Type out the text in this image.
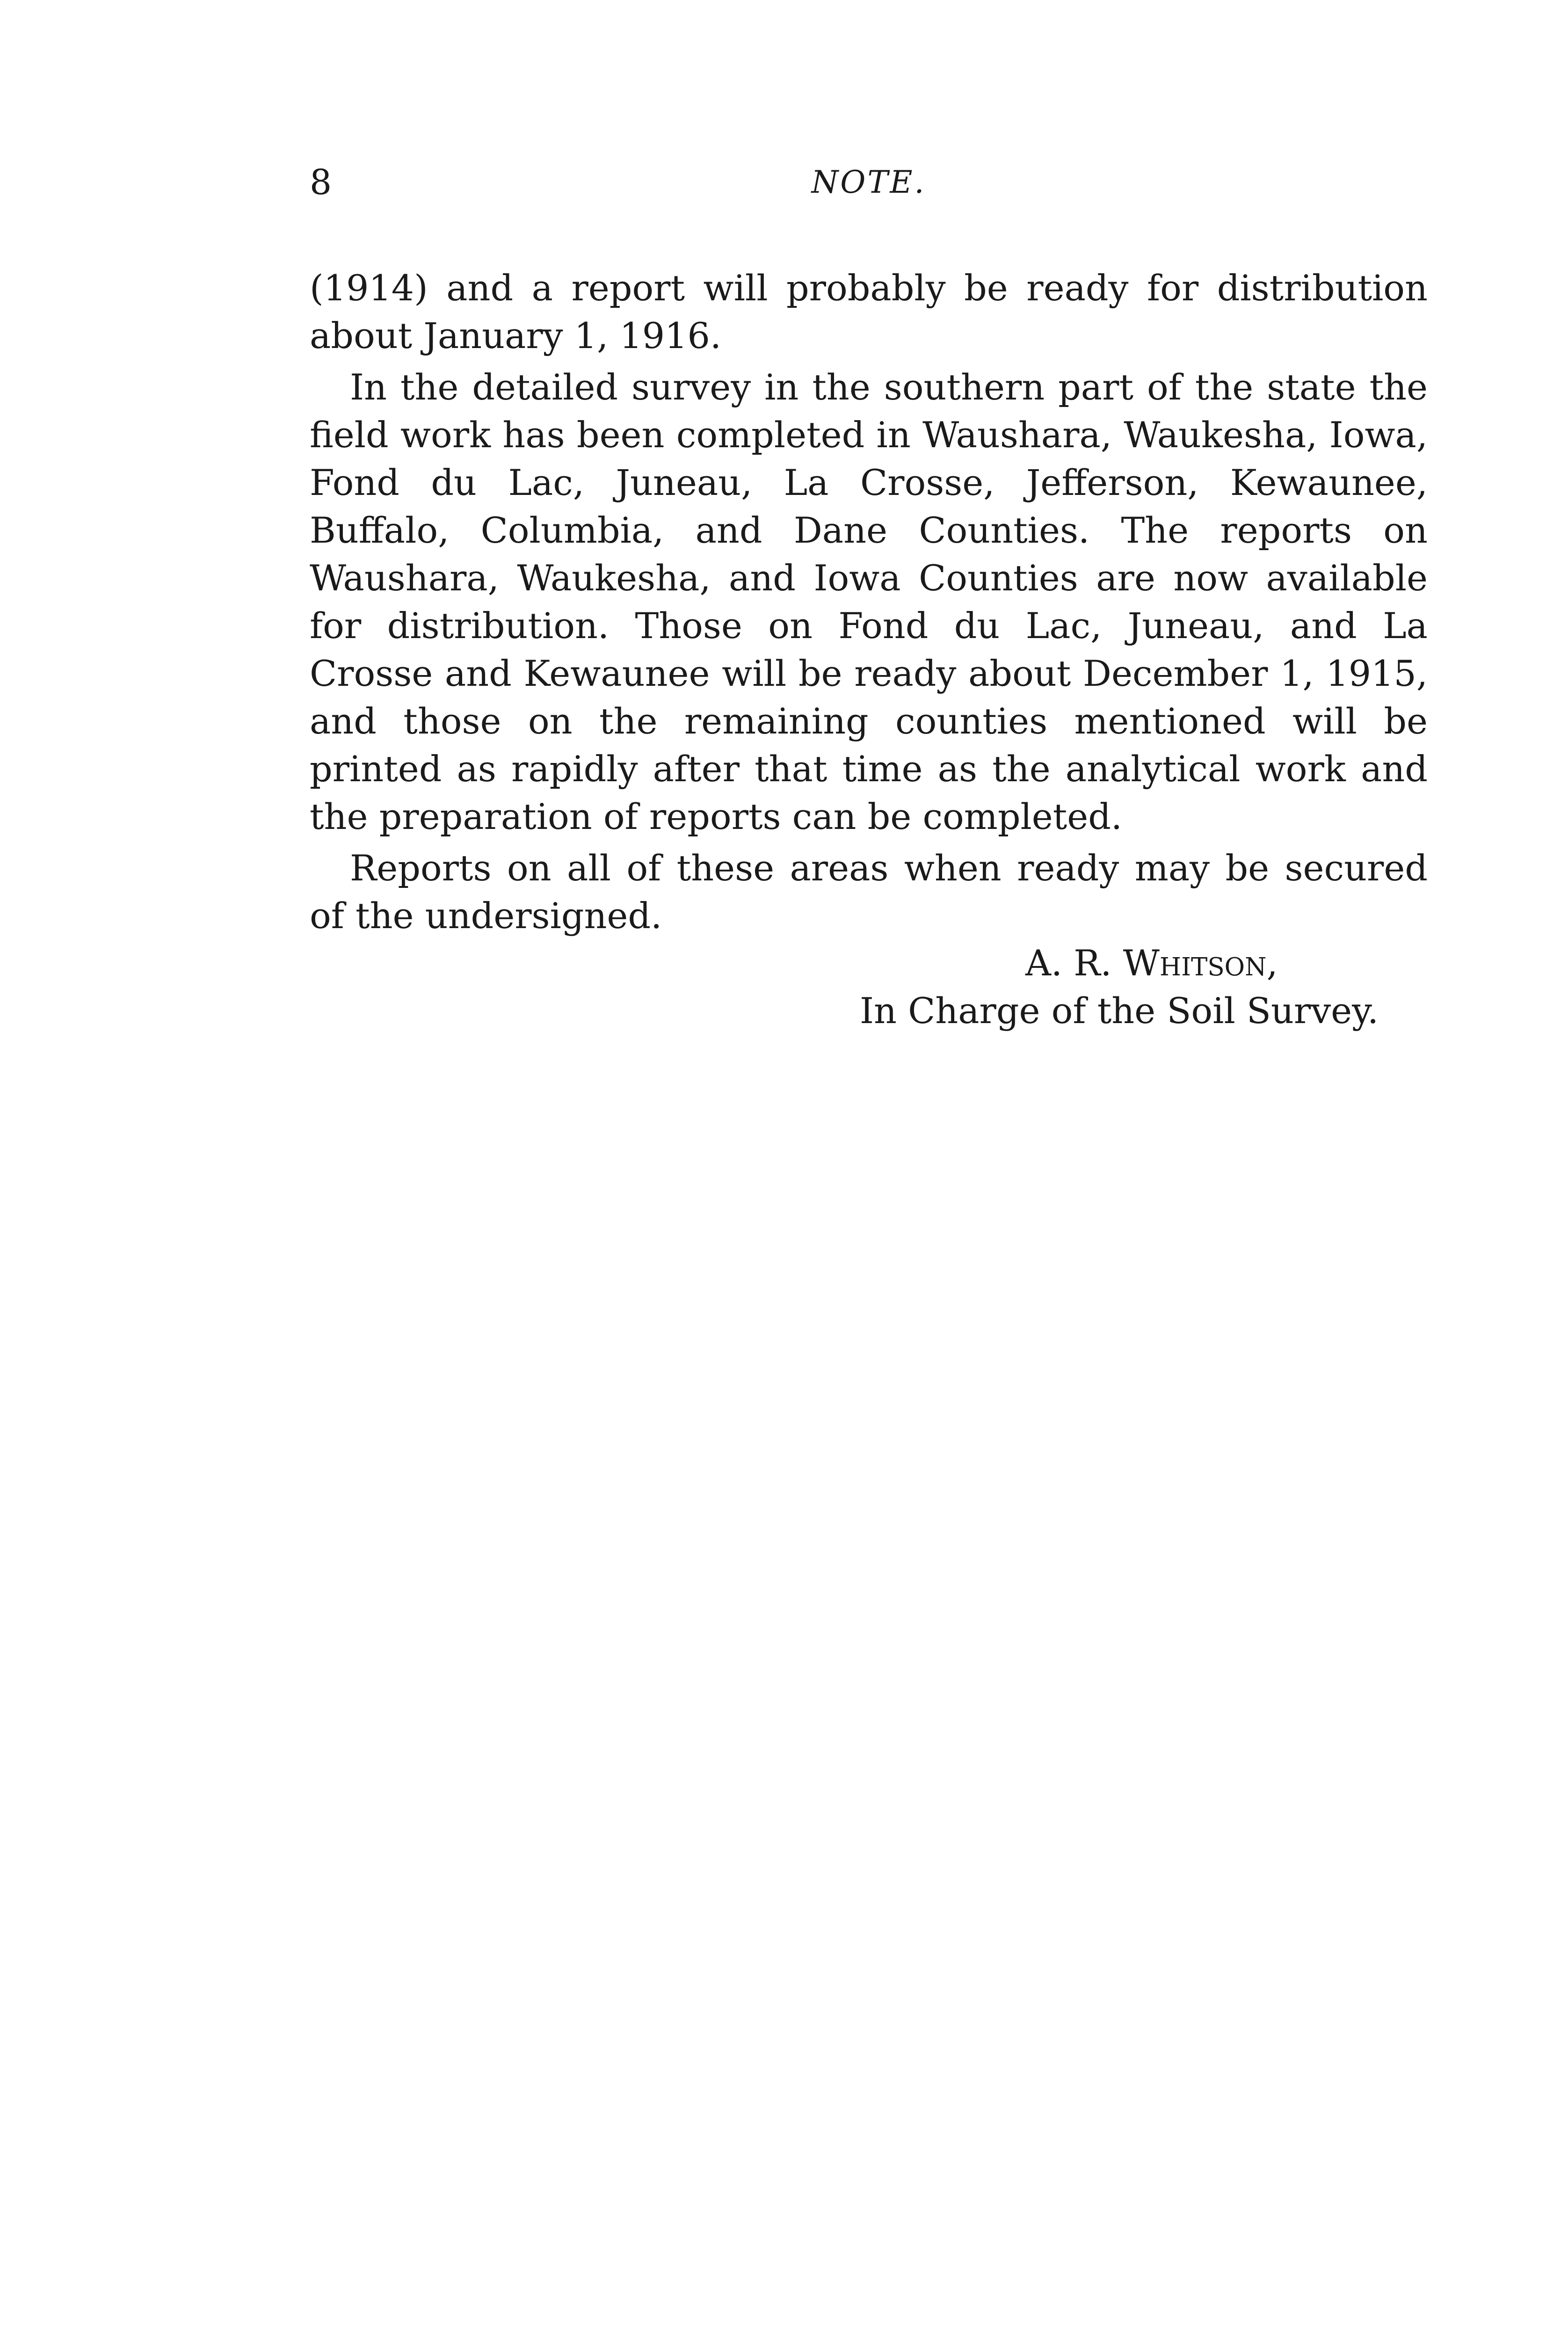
8	NOTE.

(1914) and a report will probably be ready for distribution about January 1, 1916.

In the detailed survey in the southern part of the state the field work has been completed in Waushara, Waukesha, Iowa, Fond du Lac, Juneau, La Crosse, Jefferson, Kewaunee, Buffalo, Columbia, and Dane Counties. The reports on Waushara, Waukesha, and Iowa Counties are now available for distribution. Those on Fond du Lac, Juneau, and La Crosse and Kewaunee will be ready about December 1, 1915, and those on the remaining counties mentioned will be printed as rapidly after that time as the analytical work and the preparation of reports can be completed.

Reports on all of these areas when ready may be secured of the undersigned.

A. R. Whitson,
In Charge of the Soil Survey.
